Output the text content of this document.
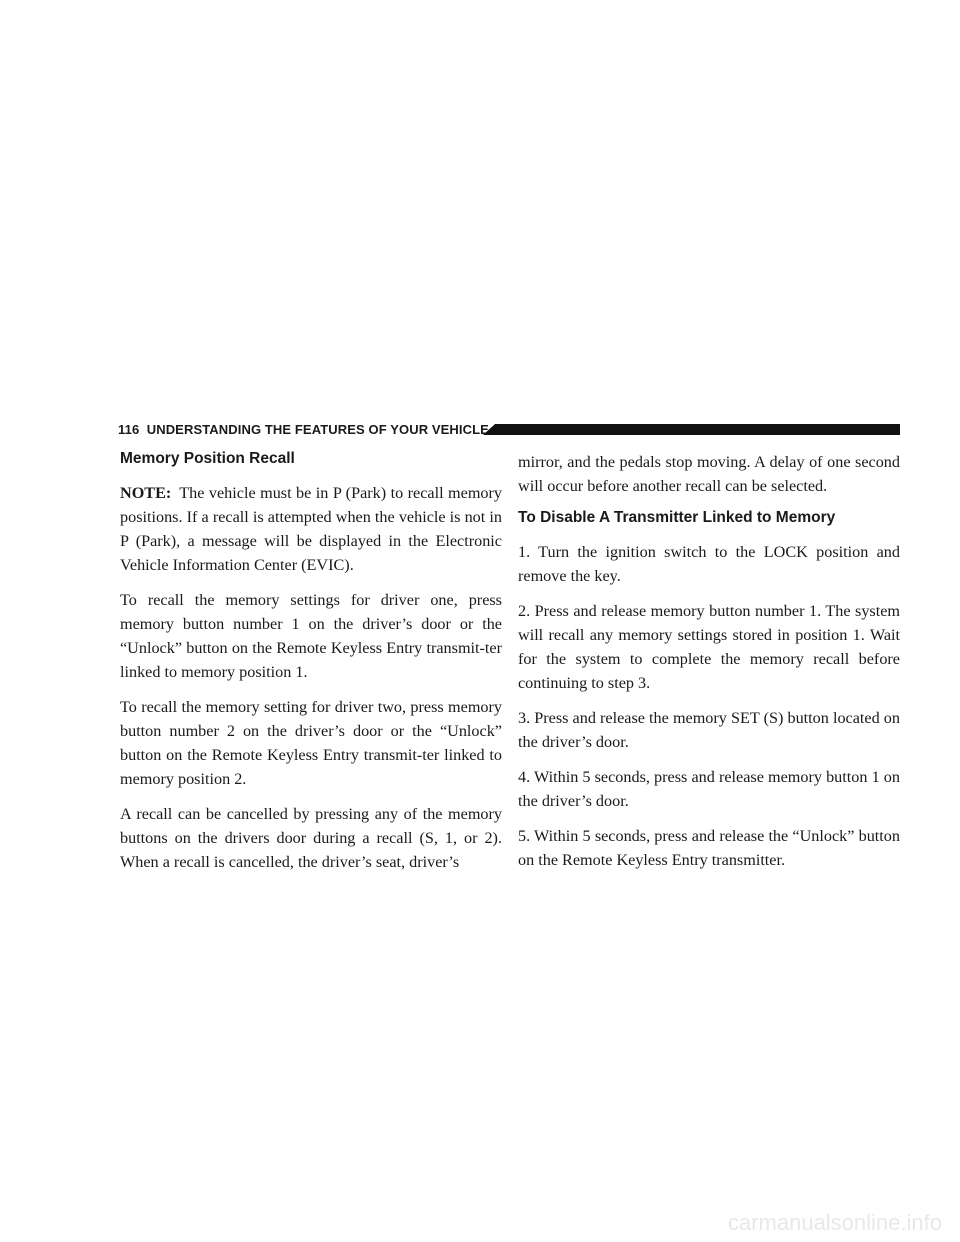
116 UNDERSTANDING THE FEATURES OF YOUR VEHICLE
Memory Position Recall

NOTE: The vehicle must be in P (Park) to recall memory positions. If a recall is attempted when the vehicle is not in P (Park), a message will be displayed in the Electronic Vehicle Information Center (EVIC).

To recall the memory settings for driver one, press memory button number 1 on the driver’s door or the “Unlock” button on the Remote Keyless Entry transmit-ter linked to memory position 1.

To recall the memory setting for driver two, press memory button number 2 on the driver’s door or the “Unlock” button on the Remote Keyless Entry transmit-ter linked to memory position 2.

A recall can be cancelled by pressing any of the memory buttons on the drivers door during a recall (S, 1, or 2). When a recall is cancelled, the driver’s seat, driver’s

mirror, and the pedals stop moving. A delay of one second will occur before another recall can be selected.

To Disable A Transmitter Linked to Memory

1. Turn the ignition switch to the LOCK position and remove the key.

2. Press and release memory button number 1. The system will recall any memory settings stored in position 1. Wait for the system to complete the memory recall before continuing to step 3.

3. Press and release the memory SET (S) button located on the driver’s door.

4. Within 5 seconds, press and release memory button 1 on the driver’s door.

5. Within 5 seconds, press and release the “Unlock” button on the Remote Keyless Entry transmitter.

carmanualsonline.info
